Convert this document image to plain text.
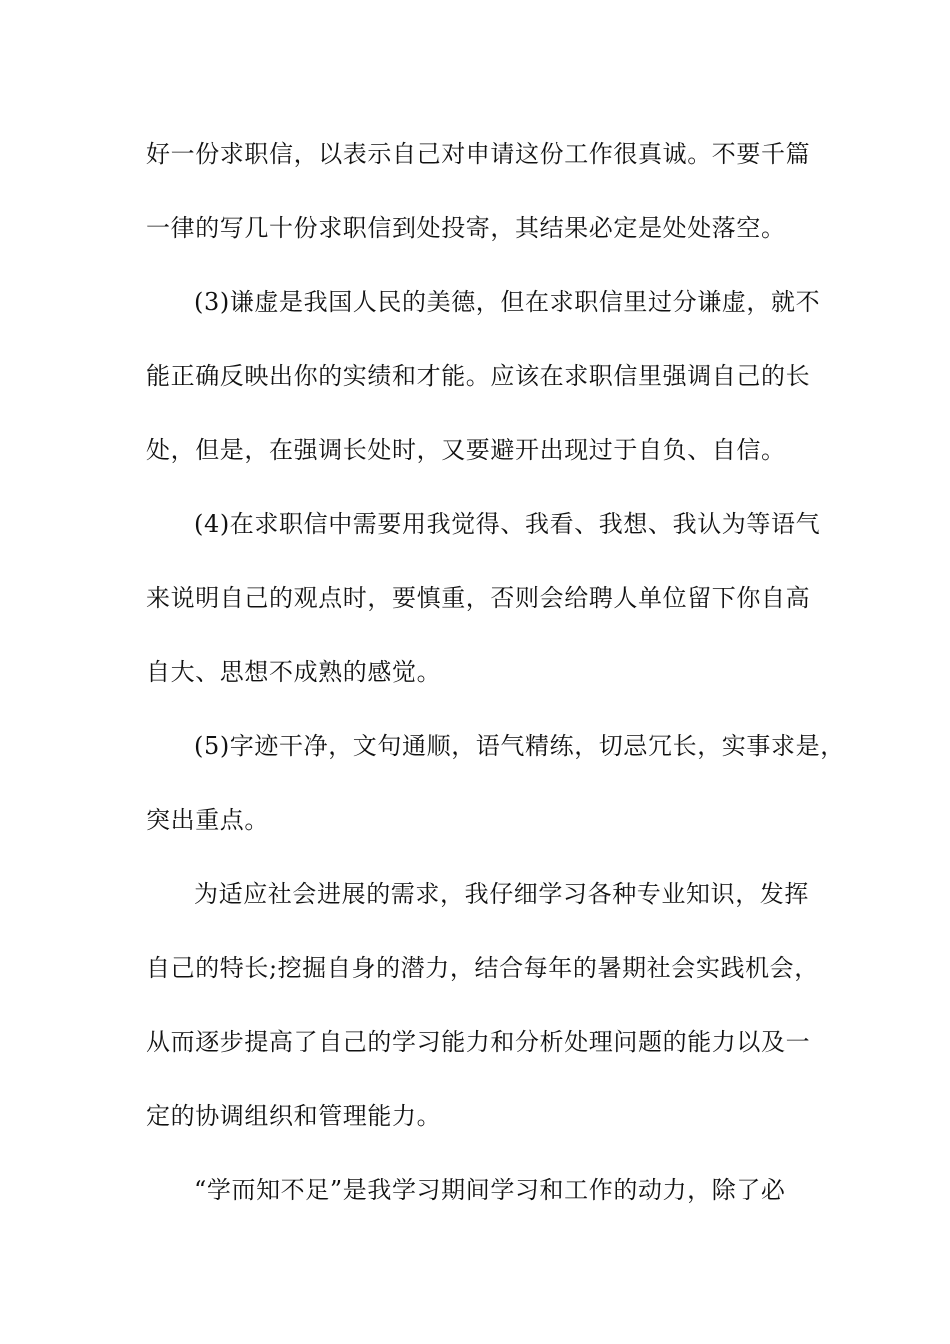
好一份求职信，以表示自己对申请这份工作很真诚。不要千篇
一律的写几十份求职信到处投寄，其结果必定是处处落空。
(3)谦虚是我国人民的美德，但在求职信里过分谦虚，就不
能正确反映出你的实绩和才能。应该在求职信里强调自己的长
处，但是，在强调长处时，又要避开出现过于自负、自信。
(4)在求职信中需要用我觉得、我看、我想、我认为等语气
来说明自己的观点时，要慎重，否则会给聘人单位留下你自高
自大、思想不成熟的感觉。
(5)字迹干净，文句通顺，语气精练，切忌冗长，实事求是，
突出重点。
为适应社会进展的需求，我仔细学习各种专业知识，发挥
自己的特长;挖掘自身的潜力，结合每年的暑期社会实践机会，
从而逐步提高了自己的学习能力和分析处理问题的能力以及一
定的协调组织和管理能力。
“学而知不足”是我学习期间学习和工作的动力，除了必
